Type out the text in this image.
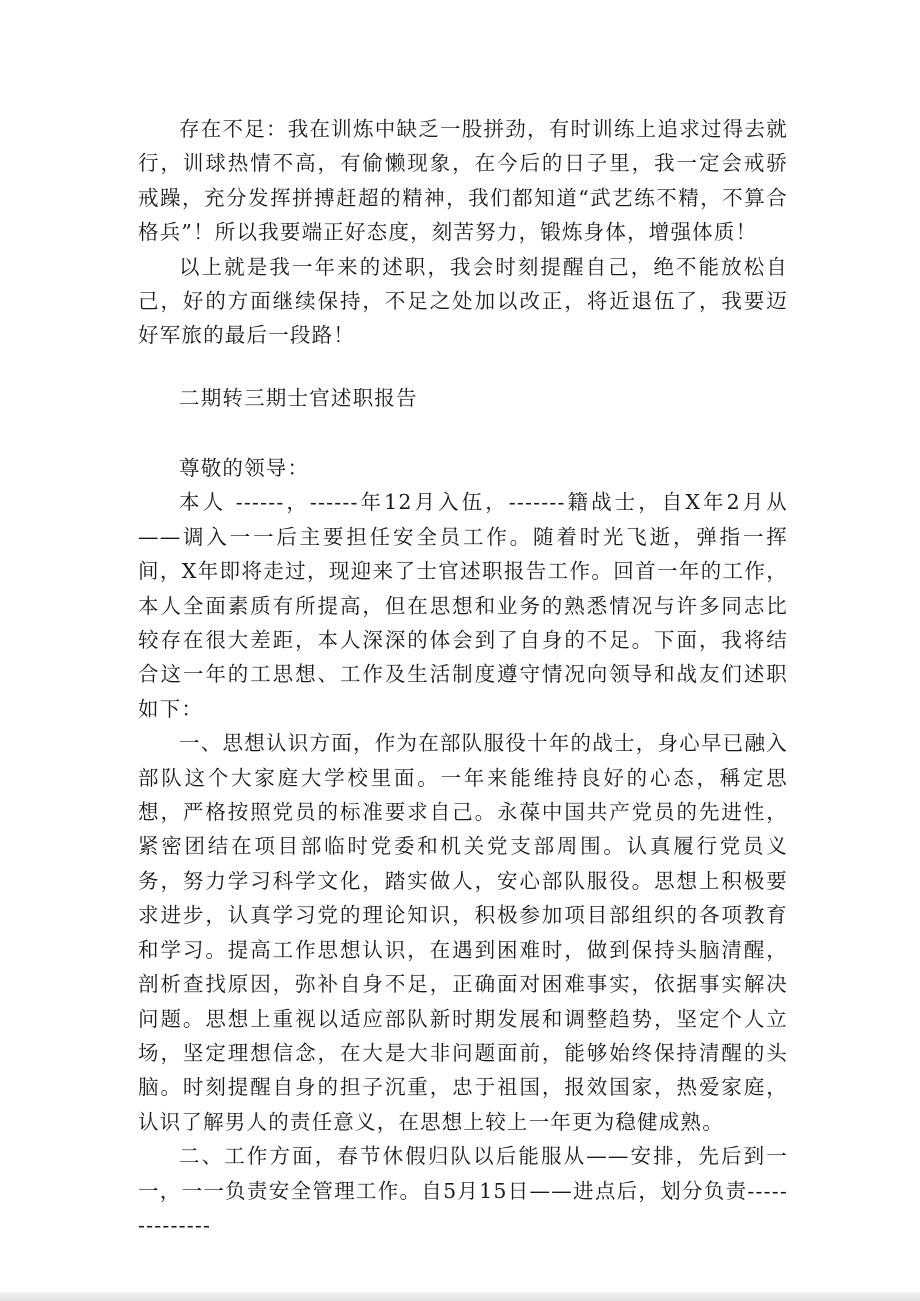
存在不足：我在训炼中缺乏一股拼劲，有时训练上追求过得去就行，训球热情不高，有偷懒现象，在今后的日子里，我一定会戒骄戒躁，充分发挥拼搏赶超的精神，我们都知道“武艺练不精，不算合格兵”！所以我要端正好态度，刻苦努力，锻炼身体，增强体质！

以上就是我一年来的述职，我会时刻提醒自己，绝不能放松自己，好的方面继续保持，不足之处加以改正，将近退伍了，我要迈好军旅的最后一段路！

二期转三期士官述职报告

尊敬的领导：

本人 ------，------年12月入伍，-------籍战士，自X年2月从——调入一一后主要担任安全员工作。随着时光飞逝，弹指一挥间，X年即将走过，现迎来了士官述职报告工作。回首一年的工作，本人全面素质有所提高，但在思想和业务的熟悉情况与许多同志比较存在很大差距，本人深深的体会到了自身的不足。下面，我将结合这一年的工思想、工作及生活制度遵守情况向领导和战友们述职如下：

一、思想认识方面，作为在部队服役十年的战士，身心早已融入部队这个大家庭大学校里面。一年来能维持良好的心态，稱定思想，严格按照党员的标准要求自己。永葆中国共产党员的先进性，紧密团结在项目部临时党委和机关党支部周围。认真履行党员义务，努力学习科学文化，踏实做人，安心部队服役。思想上积极要求进步，认真学习党的理论知识，积极参加项目部组织的各项教育和学习。提高工作思想认识，在遇到困难时，做到保持头脑清醒，剖析查找原因，弥补自身不足，正确面对困难事实，依据事实解决问题。思想上重视以适应部队新时期发展和调整趋势，坚定个人立场，坚定理想信念，在大是大非问题面前，能够始终保持清醒的头脑。时刻提醒自身的担子沉重，忠于祖国，报效国家，热爱家庭，认识了解男人的责任意义，在思想上较上一年更为稳健成熟。

二、工作方面，春节休假归队以后能服从——安排，先后到一一，一一负责安全管理工作。自5月15日——进点后，划分负责--------------
